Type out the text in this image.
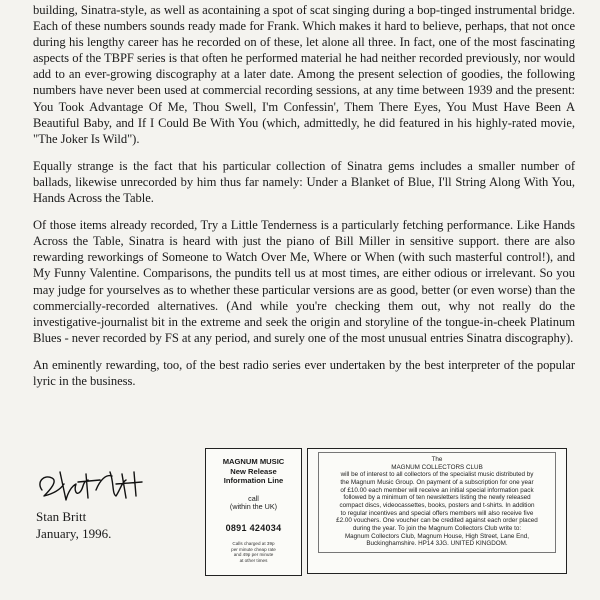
building, Sinatra-style, as well as acontaining a spot of scat singing during a bop-tinged instrumental bridge. Each of these numbers sounds ready made for Frank. Which makes it hard to believe, perhaps, that not once during his lengthy career has he recorded on of these, let alone all three. In fact, one of the most fascinating aspects of the TBPF series is that often he performed material he had neither recorded previously, nor would add to an ever-growing discography at a later date. Among the present selection of goodies, the following numbers have never been used at commercial recording sessions, at any time between 1939 and the present: You Took Advantage Of Me, Thou Swell, I'm Confessin', Them There Eyes, You Must Have Been A Beautiful Baby, and If I Could Be With You (which, admittedly, he did featured in his highly-rated movie, "The Joker Is Wild").

Equally strange is the fact that his particular collection of Sinatra gems includes a smaller number of ballads, likewise unrecorded by him thus far namely: Under a Blanket of Blue, I'll String Along With You, Hands Across the Table.

Of those items already recorded, Try a Little Tenderness is a particularly fetching performance. Like Hands Across the Table, Sinatra is heard with just the piano of Bill Miller in sensitive support. there are also rewarding reworkings of Someone to Watch Over Me, Where or When (with such masterful control!), and My Funny Valentine. Comparisons, the pundits tell us at most times, are either odious or irrelevant. So you may judge for yourselves as to whether these particular versions are as good, better (or even worse) than the commercially-recorded alternatives. (And while you're checking them out, why not really do the investigative-journalist bit in the extreme and seek the origin and storyline of the tongue-in-cheek Platinum Blues - never recorded by FS at any period, and surely one of the most unusual entries Sinatra discography).

An eminently rewarding, too, of the best radio series ever undertaken by the best interpreter of the popular lyric in the business.

Stan Britt
January, 1996.
MAGNUM MUSIC
New Release
Information Line
call
(within the UK)
0891 424034
Calls charged at 39p
per minute cheap rate
and 49p per minute
at other times
The
MAGNUM COLLECTORS CLUB
will be of interest to all collectors of the specialist music distributed by
the Magnum Music Group. On payment of a subscription for one year
of £10.00 each member will receive an initial special information pack
followed by a minimum of ten newsletters listing the newly released
compact discs, videocassettes, books, posters and t-shirts. In addition
to regular incentives and special offers members will also receive five
£2.00 vouchers. One voucher can be credited against each order placed
during the year. To join the Magnum Collectors Club write to:
Magnum Collectors Club, Magnum House, High Street, Lane End,
Buckinghamshire. HP14 3JG. UNITED KINGDOM.
